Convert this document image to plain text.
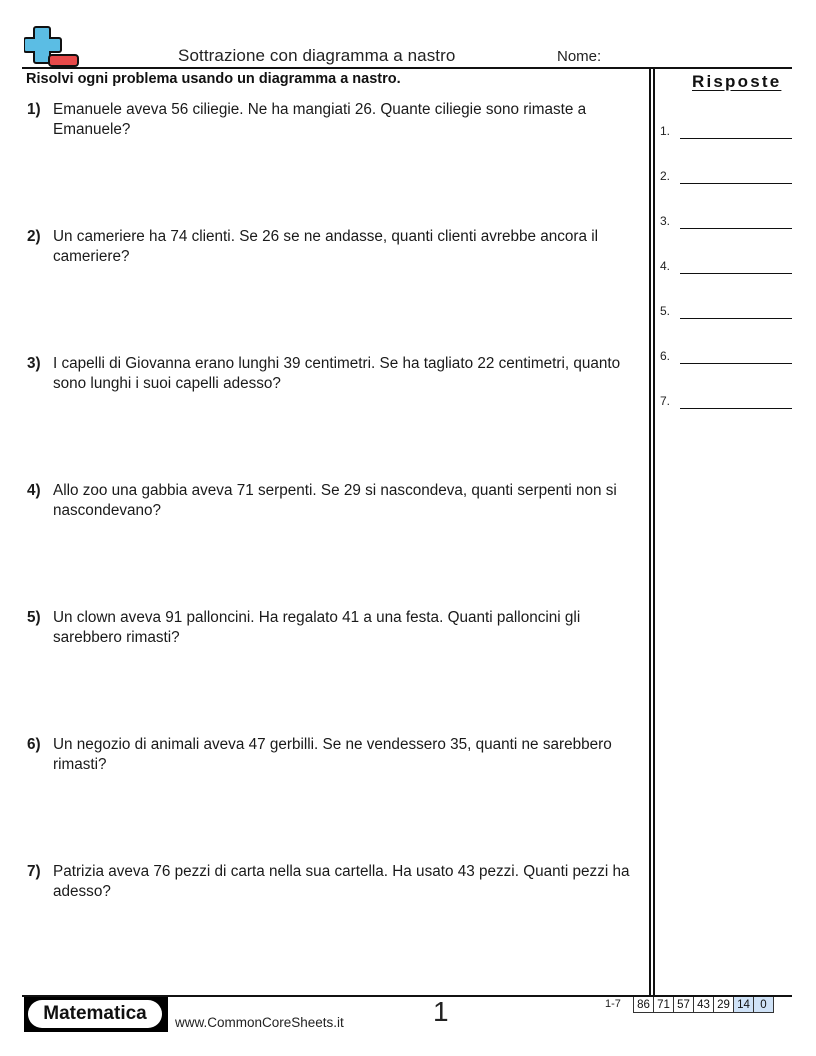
Sottrazione con diagramma a nastro	Nome:
Risolvi ogni problema usando un diagramma a nastro.
1) Emanuele aveva 56 ciliegie. Ne ha mangiati 26. Quante ciliegie sono rimaste a Emanuele?
2) Un cameriere ha 74 clienti. Se 26 se ne andasse, quanti clienti avrebbe ancora il cameriere?
3) I capelli di Giovanna erano lunghi 39 centimetri. Se ha tagliato 22 centimetri, quanto sono lunghi i suoi capelli adesso?
4) Allo zoo una gabbia aveva 71 serpenti. Se 29 si nascondeva, quanti serpenti non si nascondevano?
5) Un clown aveva 91 palloncini. Ha regalato 41 a una festa. Quanti palloncini gli sarebbero rimasti?
6) Un negozio di animali aveva 47 gerbilli. Se ne vendessero 35, quanti ne sarebbero rimasti?
7) Patrizia aveva 76 pezzi di carta nella sua cartella. Ha usato 43 pezzi. Quanti pezzi ha adesso?
Risposte
1.
2.
3.
4.
5.
6.
7.
Matematica	www.CommonCoreSheets.it	1	1-7 86 71 57 43 29 14 0
